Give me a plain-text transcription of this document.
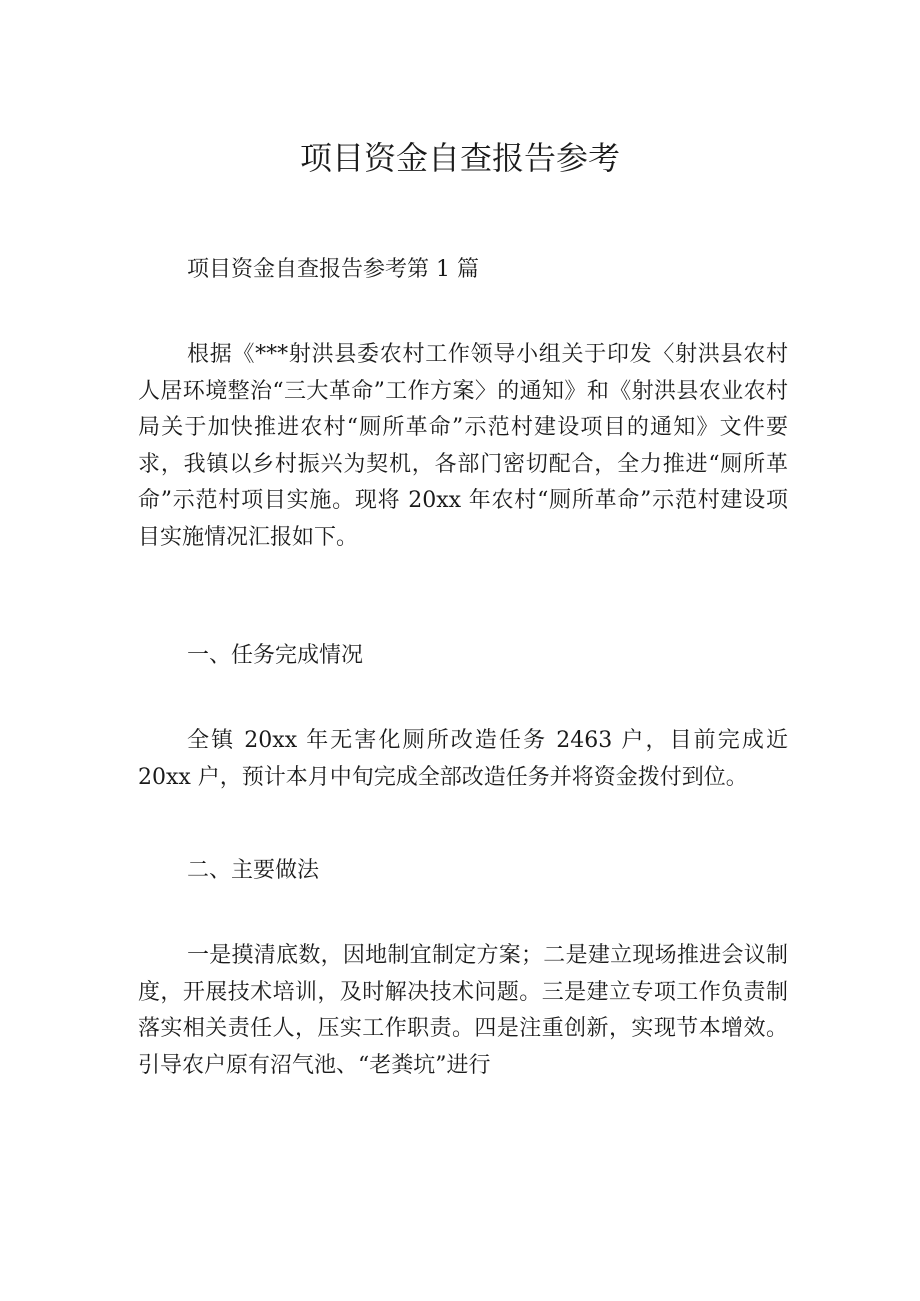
项目资金自查报告参考

项目资金自查报告参考第 1 篇

根据《***射洪县委农村工作领导小组关于印发〈射洪县农村人居环境整治“三大革命”工作方案〉的通知》和《射洪县农业农村局关于加快推进农村“厕所革命”示范村建设项目的通知》文件要求，我镇以乡村振兴为契机，各部门密切配合，全力推进“厕所革命”示范村项目实施。现将 20xx 年农村“厕所革命”示范村建设项目实施情况汇报如下。

一、任务完成情况

全镇 20xx 年无害化厕所改造任务 2463 户，目前完成近 20xx 户，预计本月中旬完成全部改造任务并将资金拨付到位。

二、主要做法

一是摸清底数，因地制宜制定方案；二是建立现场推进会议制度，开展技术培训，及时解决技术问题。三是建立专项工作负责制落实相关责任人，压实工作职责。四是注重创新，实现节本增效。引导农户原有沼气池、“老粪坑”进行
